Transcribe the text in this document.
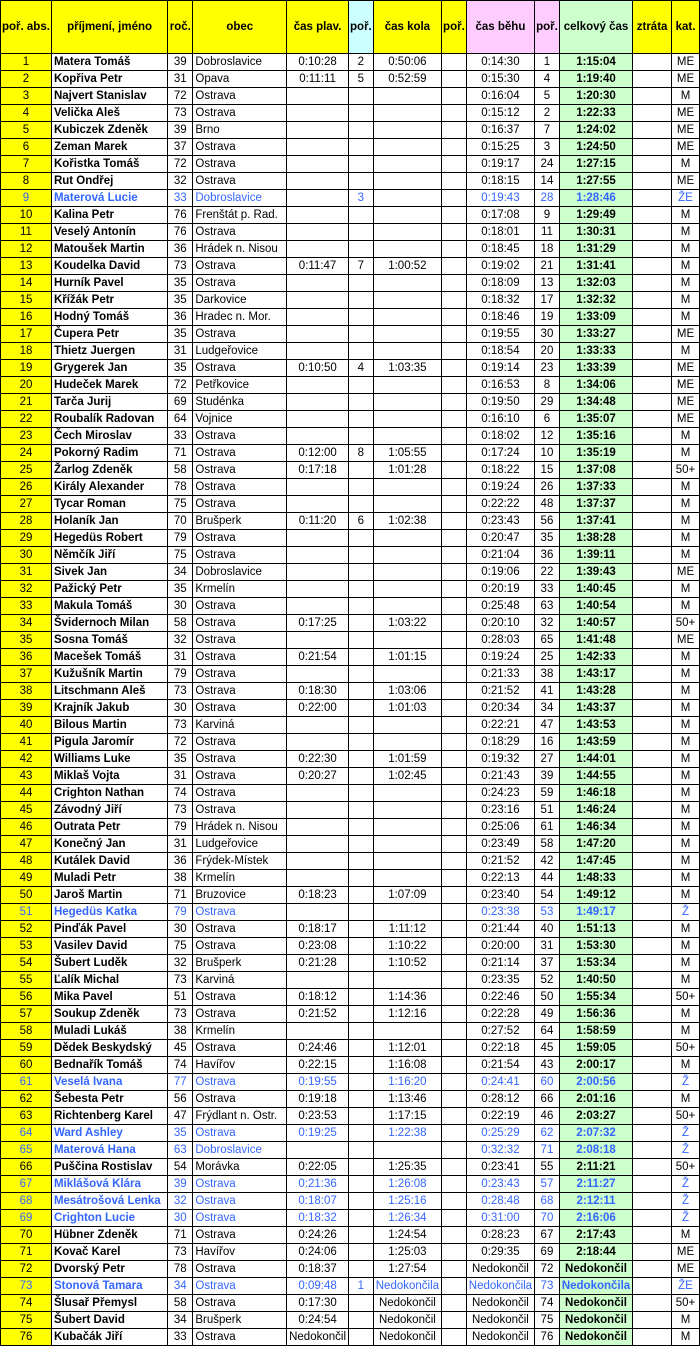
poř. abs.	příjmení, jméno	roč.	obec	čas plav.	poř.	čas kola	poř.	čas běhu	poř.	celkový čas	ztráta	kat.
1	Matera Tomáš	39	Dobroslavice	0:10:28	2	0:50:06		0:14:30	1	1:15:04		ME
2	Kopřiva Petr	31	Opava	0:11:11	5	0:52:59		0:15:30	4	1:19:40		ME
3	Najvert Stanislav	72	Ostrava					0:16:04	5	1:20:30		M
4	Velička Aleš	73	Ostrava					0:15:12	2	1:22:33		ME
5	Kubiczek Zdeněk	39	Brno					0:16:37	7	1:24:02		ME
6	Zeman Marek	37	Ostrava					0:15:25	3	1:24:50		ME
7	Kořistka Tomáš	72	Ostrava					0:19:17	24	1:27:15		M
8	Rut Ondřej	32	Ostrava					0:18:15	14	1:27:55		ME
9	Materová Lucie	33	Dobroslavice		3			0:19:43	28	1:28:46		ŽE
10	Kalina Petr	76	Frenštát p. Rad.					0:17:08	9	1:29:49		M
11	Veselý Antonín	76	Ostrava					0:18:01	11	1:30:31		M
12	Matoušek Martin	36	Hrádek n. Nisou					0:18:45	18	1:31:29		M
13	Koudelka David	73	Ostrava	0:11:47	7	1:00:52		0:19:02	21	1:31:41		M
14	Hurník Pavel	35	Ostrava					0:18:09	13	1:32:03		M
15	Křížák Petr	35	Darkovice					0:18:32	17	1:32:32		M
16	Hodný Tomáš	36	Hradec n. Mor.					0:18:46	19	1:33:09		M
17	Čupera Petr	35	Ostrava					0:19:55	30	1:33:27		ME
18	Thietz Juergen	31	Ludgeřovice					0:18:54	20	1:33:33		M
19	Grygerek Jan	35	Ostrava	0:10:50	4	1:03:35		0:19:14	23	1:33:39		ME
20	Hudeček Marek	72	Petřkovice					0:16:53	8	1:34:06		ME
21	Tarča Jurij	69	Studénka					0:19:50	29	1:34:48		ME
22	Roubalík Radovan	64	Vojnice					0:16:10	6	1:35:07		ME
23	Čech Miroslav	33	Ostrava					0:18:02	12	1:35:16		M
24	Pokorný Radim	71	Ostrava	0:12:00	8	1:05:55		0:17:24	10	1:35:19		M
25	Žarlog Zdeněk	58	Ostrava	0:17:18		1:01:28		0:18:22	15	1:37:08		50+
26	Király Alexander	78	Ostrava					0:19:24	26	1:37:33		M
27	Tycar Roman	75	Ostrava					0:22:22	48	1:37:37		M
28	Holaník Jan	70	Brušperk	0:11:20	6	1:02:38		0:23:43	56	1:37:41		M
29	Hegedüs Robert	79	Ostrava					0:20:47	35	1:38:28		M
30	Němčík Jiří	75	Ostrava					0:21:04	36	1:39:11		M
31	Sivek Jan	34	Dobroslavice					0:19:06	22	1:39:43		ME
32	Pažický Petr	35	Krmelín					0:20:19	33	1:40:45		M
33	Makula Tomáš	30	Ostrava					0:25:48	63	1:40:54		M
34	Švidernoch Milan	58	Ostrava	0:17:25		1:03:22		0:20:10	32	1:40:57		50+
35	Sosna Tomáš	32	Ostrava					0:28:03	65	1:41:48		ME
36	Macešek Tomáš	31	Ostrava	0:21:54		1:01:15		0:19:24	25	1:42:33		M
37	Kužušník Martin	79	Ostrava					0:21:33	38	1:43:17		M
38	Litschmann Aleš	73	Ostrava	0:18:30		1:03:06		0:21:52	41	1:43:28		M
39	Krajník Jakub	30	Ostrava	0:22:00		1:01:03		0:20:34	34	1:43:37		M
40	Bilous Martin	73	Karviná					0:22:21	47	1:43:53		M
41	Pigula Jaromír	72	Ostrava					0:18:29	16	1:43:59		M
42	Williams Luke	35	Ostrava	0:22:30		1:01:59		0:19:32	27	1:44:01		M
43	Miklaš Vojta	31	Ostrava	0:20:27		1:02:45		0:21:43	39	1:44:55		M
44	Crighton Nathan	74	Ostrava					0:24:23	59	1:46:18		M
45	Závodný Jiří	73	Ostrava					0:23:16	51	1:46:24		M
46	Outrata Petr	79	Hrádek n. Nisou					0:25:06	61	1:46:34		M
47	Konečný Jan	31	Ludgeřovice					0:23:49	58	1:47:20		M
48	Kutálek David	36	Frýdek-Místek					0:21:52	42	1:47:45		M
49	Muladi Petr	38	Krmelín					0:22:13	44	1:48:33		M
50	Jaroš Martin	71	Bruzovice	0:18:23		1:07:09		0:23:40	54	1:49:12		M
51	Hegedüs Katka	79	Ostrava					0:23:38	53	1:49:17		Ž
52	Pinďák Pavel	30	Ostrava	0:18:17		1:11:12		0:21:44	40	1:51:13		M
53	Vasilev David	75	Ostrava	0:23:08		1:10:22		0:20:00	31	1:53:30		M
54	Šubert Luděk	32	Brušperk	0:21:28		1:10:52		0:21:14	37	1:53:34		M
55	Ľalík Michal	73	Karviná					0:23:35	52	1:40:50		M
56	Mika Pavel	51	Ostrava	0:18:12		1:14:36		0:22:46	50	1:55:34		50+
57	Soukup Zdeněk	73	Ostrava	0:21:52		1:12:16		0:22:28	49	1:56:36		M
58	Muladi Lukáš	38	Krmelín					0:27:52	64	1:58:59		M
59	Dědek Beskydský	45	Ostrava	0:24:46		1:12:01		0:22:18	45	1:59:05		50+
60	Bednařík Tomáš	74	Havířov	0:22:15		1:16:08		0:21:54	43	2:00:17		M
61	Veselá Ivana	77	Ostrava	0:19:55		1:16:20		0:24:41	60	2:00:56		Ž
62	Šebesta Petr	56	Ostrava	0:19:18		1:13:46		0:28:12	66	2:01:16		M
63	Richtenberg Karel	47	Frýdlant n. Ostr.	0:23:53		1:17:15		0:22:19	46	2:03:27		50+
64	Ward Ashley	35	Ostrava	0:19:25		1:22:38		0:25:29	62	2:07:32		Ž
65	Materová Hana	63	Dobroslavice					0:32:32	71	2:08:18		Ž
66	Puščina Rostislav	54	Morávka	0:22:05		1:25:35		0:23:41	55	2:11:21		50+
67	Miklášová Klára	39	Ostrava	0:21:36		1:26:08		0:23:43	57	2:11:27		Ž
68	Mesátrošová Lenka	32	Ostrava	0:18:07		1:25:16		0:28:48	68	2:12:11		Ž
69	Crighton Lucie	30	Ostrava	0:18:32		1:26:34		0:31:00	70	2:16:06		Ž
70	Hübner Zdeněk	71	Ostrava	0:24:26		1:24:54		0:28:23	67	2:17:43		M
71	Kovač Karel	73	Havířov	0:24:06		1:25:03		0:29:35	69	2:18:44		ME
72	Dvorský Petr	78	Ostrava	0:18:37		1:27:54		Nedokončil	72	Nedokončil		ME
73	Stonová Tamara	34	Ostrava	0:09:48	1	Nedokončila		Nedokončila	73	Nedokončila		ŽE
74	Šlusař Přemysl	58	Ostrava	0:17:30		Nedokončil		Nedokončil	74	Nedokončil		50+
75	Šubert David	34	Brušperk	0:24:54		Nedokončil		Nedokončil	75	Nedokončil		M
76	Kubačák Jiří	33	Ostrava	Nedokončil		Nedokončil		Nedokončil	76	Nedokončil		M
